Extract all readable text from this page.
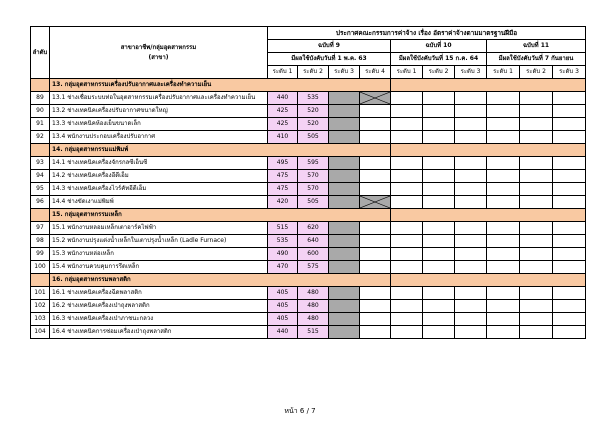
ลำดับ	สาขาอาชีพ/กลุ่มอุตสาหกรรม
(สาขา)	ประกาศคณะกรรมการค่าจ้าง เรื่อง อัตราค่าจ้างตามมาตรฐานฝีมือ									
		ฉบับที่ 9				ฉบับที่ 10			ฉบับที่ 11		
		มีผลใช้บังคับวันที่ 1 พ.ค. 63				มีผลใช้บังคับวันที่ 15 ก.ค. 64			มีผลใช้บังคับวันที่ 7 กันยายน		
		ระดับ 1	ระดับ 2	ระดับ 3	ระดับ 4	ระดับ 1	ระดับ 2	ระดับ 3	ระดับ 1	ระดับ 2	ระดับ 3
	13. กลุ่มอุตสาหกรรมเครื่องปรับอากาศและเครื่องทำความเย็น										
89	13.1 ช่างเชื่อมระบบท่อในอุตสาหกรรมเครื่องปรับอากาศและเครื่องทำความเย็น	440	535		

90	13.2 ช่างเทคนิคเครื่องปรับอากาศขนาดใหญ่	425	520								
91	13.3 ช่างเทคนิคห้องเย็นขนาดเล็ก	425	520								
92	13.4 พนักงานประกอบเครื่องปรับอากาศ	410	505								
	14. กลุ่มอุตสาหกรรมแม่พิมพ์										
93	14.1 ช่างเทคนิคเครื่องจักรกลซีเอ็นซี	495	595								
94	14.2 ช่างเทคนิคเครื่องอีดีเอ็ม	475	570								
95	14.3 ช่างเทคนิคเครื่องไวร์คัทอีดีเอ็ม	475	570								
96	14.4 ช่างขัดเงาแม่พิมพ์	420	505		

	15. กลุ่มอุตสาหกรรมเหล็ก										
97	15.1 พนักงานหลอมเหล็กเตาอาร์คไฟฟ้า	515	620								
98	15.2 พนักงานปรุงแต่งน้ำเหล็กในเตาปรุงน้ำเหล็ก (Ladle Furnace)	535	640								
99	15.3 พนักงานหล่อเหล็ก	490	600								
100	15.4 พนักงานควบคุมการรีดเหล็ก	470	575								
	16. กลุ่มอุตสาหกรรมพลาสติก										
101	16.1 ช่างเทคนิคเครื่องฉีดพลาสติก	405	480								
102	16.2 ช่างเทคนิคเครื่องเป่าถุงพลาสติก	405	480								
103	16.3 ช่างเทคนิคเครื่องเป่าภาชนะกลวง	405	480								
104	16.4 ช่างเทคนิคการซ่อมเครื่องเป่าถุงพลาสติก	440	515								
หน้า 6 / 7
